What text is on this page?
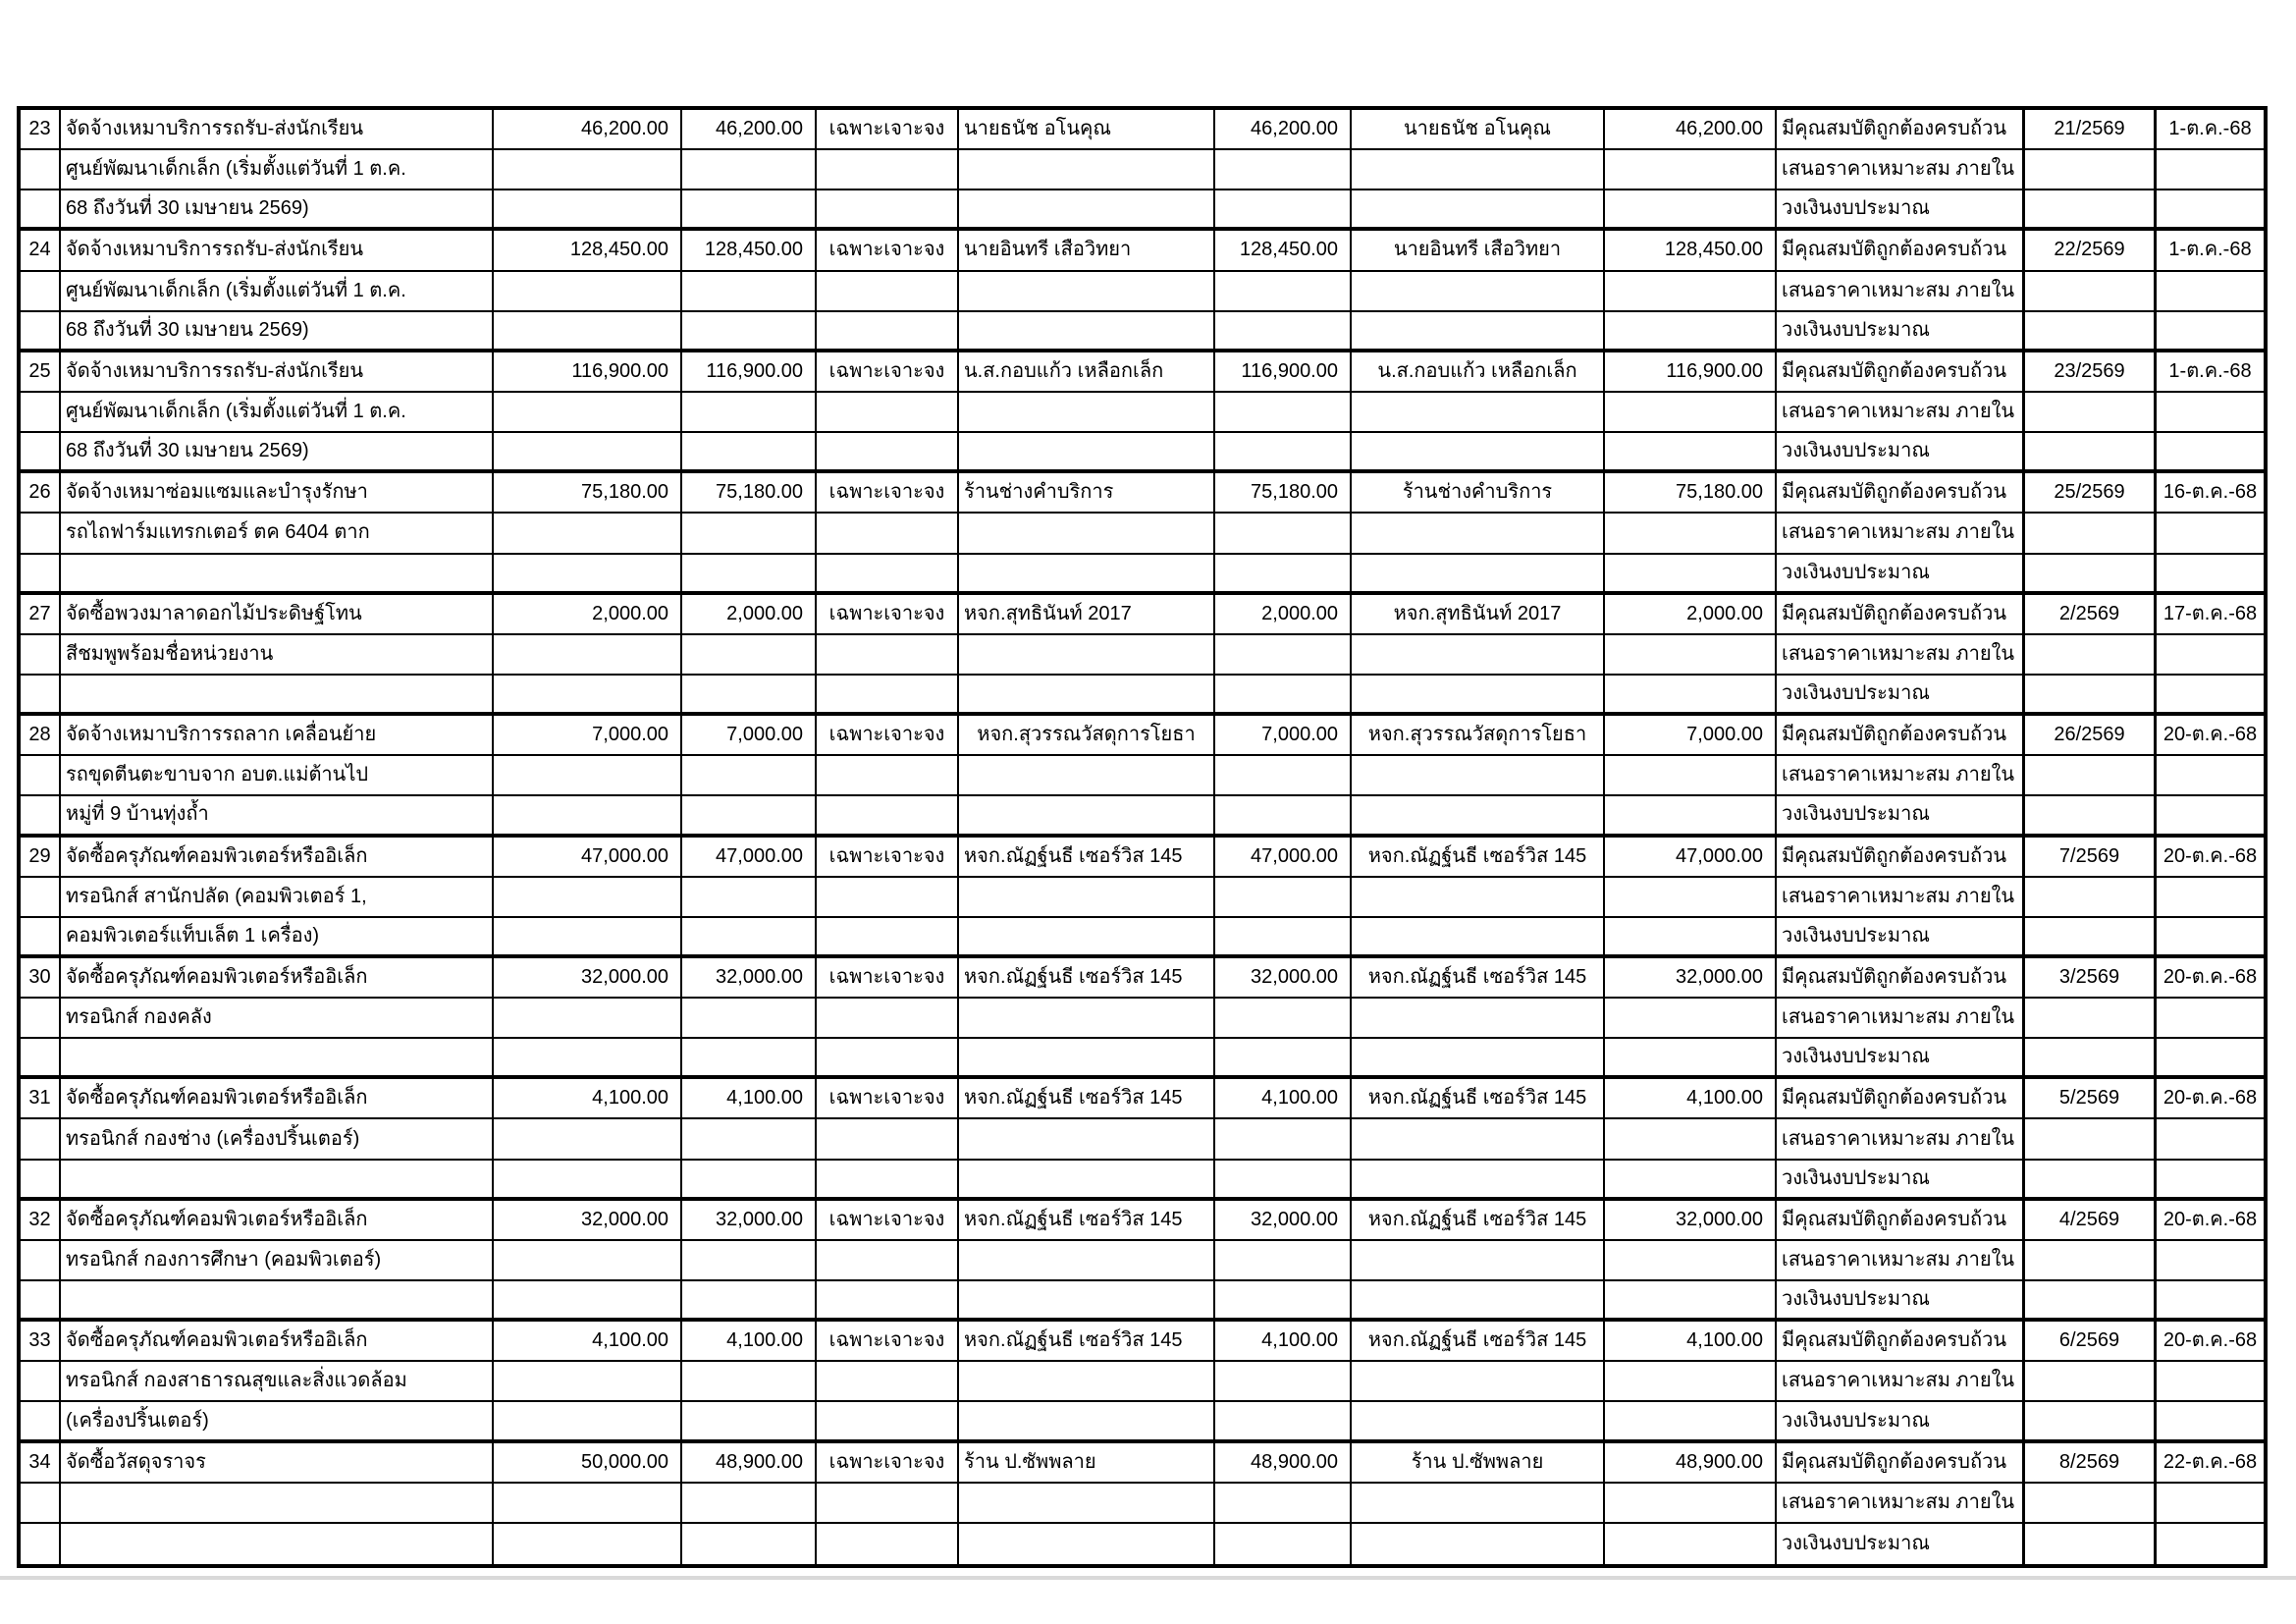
23 จัดจ้างเหมาบริการรถรับ-ส่งนักเรียน	46,200.00	46,200.00	เฉพาะเจาะจง นายธนัช อโนคุณ	46,200.00	นายธนัช อโนคุณ	46,200.00 มีคุณสมบัติถูกต้องครบถ้วน	21/2569	1-ต.ค.-68
ศูนย์พัฒนาเด็กเล็ก (เริ่มตั้งแต่วันที่ 1 ต.ค.	เสนอราคาเหมาะสม ภายใน
68 ถึงวันที่ 30 เมษายน 2569)	วงเงินงบประมาณ
24 จัดจ้างเหมาบริการรถรับ-ส่งนักเรียน	128,450.00	128,450.00	เฉพาะเจาะจง นายอินทรี เสือวิทยา	128,450.00	นายอินทรี เสือวิทยา	128,450.00 มีคุณสมบัติถูกต้องครบถ้วน	22/2569	1-ต.ค.-68
ศูนย์พัฒนาเด็กเล็ก (เริ่มตั้งแต่วันที่ 1 ต.ค.	เสนอราคาเหมาะสม ภายใน
68 ถึงวันที่ 30 เมษายน 2569)	วงเงินงบประมาณ
25 จัดจ้างเหมาบริการรถรับ-ส่งนักเรียน	116,900.00	116,900.00	เฉพาะเจาะจง น.ส.กอบแก้ว เหลือกเล็ก	116,900.00	น.ส.กอบแก้ว เหลือกเล็ก	116,900.00 มีคุณสมบัติถูกต้องครบถ้วน	23/2569	1-ต.ค.-68
ศูนย์พัฒนาเด็กเล็ก (เริ่มตั้งแต่วันที่ 1 ต.ค.	เสนอราคาเหมาะสม ภายใน
68 ถึงวันที่ 30 เมษายน 2569)	วงเงินงบประมาณ
26 จัดจ้างเหมาซ่อมแซมและบำรุงรักษา	75,180.00	75,180.00	เฉพาะเจาะจง ร้านช่างคำบริการ	75,180.00	ร้านช่างคำบริการ	75,180.00 มีคุณสมบัติถูกต้องครบถ้วน	25/2569	16-ต.ค.-68
รถไถฟาร์มแทรกเตอร์ ตค 6404 ตาก	เสนอราคาเหมาะสม ภายใน
วงเงินงบประมาณ
27 จัดซื้อพวงมาลาดอกไม้ประดิษฐ์โทน	2,000.00	2,000.00	เฉพาะเจาะจง หจก.สุทธินันท์ 2017	2,000.00	หจก.สุทธินันท์ 2017	2,000.00 มีคุณสมบัติถูกต้องครบถ้วน	2/2569	17-ต.ค.-68
สีชมพูพร้อมชื่อหน่วยงาน	เสนอราคาเหมาะสม ภายใน
วงเงินงบประมาณ
28 จัดจ้างเหมาบริการรถลาก เคลื่อนย้าย	7,000.00	7,000.00	เฉพาะเจาะจง	หจก.สุวรรณวัสดุการโยธา	7,000.00	หจก.สุวรรณวัสดุการโยธา	7,000.00 มีคุณสมบัติถูกต้องครบถ้วน	26/2569	20-ต.ค.-68
รถขุดตีนตะขาบจาก อบต.แม่ต้านไป	เสนอราคาเหมาะสม ภายใน
หมู่ที่ 9 บ้านทุ่งถ้ำ	วงเงินงบประมาณ
29 จัดซื้อครุภัณฑ์คอมพิวเตอร์หรืออิเล็ก	47,000.00	47,000.00	เฉพาะเจาะจง หจก.ณัฏฐ์นธี เซอร์วิส 145	47,000.00	หจก.ณัฏฐ์นธี เซอร์วิส 145	47,000.00 มีคุณสมบัติถูกต้องครบถ้วน	7/2569	20-ต.ค.-68
ทรอนิกส์ สานักปลัด (คอมพิวเตอร์ 1,	เสนอราคาเหมาะสม ภายใน
คอมพิวเตอร์แท็บเล็ต 1 เครื่อง)	วงเงินงบประมาณ
30 จัดซื้อครุภัณฑ์คอมพิวเตอร์หรืออิเล็ก	32,000.00	32,000.00	เฉพาะเจาะจง หจก.ณัฏฐ์นธี เซอร์วิส 145	32,000.00	หจก.ณัฏฐ์นธี เซอร์วิส 145	32,000.00 มีคุณสมบัติถูกต้องครบถ้วน	3/2569	20-ต.ค.-68
ทรอนิกส์ กองคลัง	เสนอราคาเหมาะสม ภายใน
วงเงินงบประมาณ
31 จัดซื้อครุภัณฑ์คอมพิวเตอร์หรืออิเล็ก	4,100.00	4,100.00	เฉพาะเจาะจง หจก.ณัฏฐ์นธี เซอร์วิส 145	4,100.00	หจก.ณัฏฐ์นธี เซอร์วิส 145	4,100.00 มีคุณสมบัติถูกต้องครบถ้วน	5/2569	20-ต.ค.-68
ทรอนิกส์ กองช่าง (เครื่องปริ้นเตอร์)	เสนอราคาเหมาะสม ภายใน
วงเงินงบประมาณ
32 จัดซื้อครุภัณฑ์คอมพิวเตอร์หรืออิเล็ก	32,000.00	32,000.00	เฉพาะเจาะจง หจก.ณัฏฐ์นธี เซอร์วิส 145	32,000.00	หจก.ณัฏฐ์นธี เซอร์วิส 145	32,000.00 มีคุณสมบัติถูกต้องครบถ้วน	4/2569	20-ต.ค.-68
ทรอนิกส์ กองการศึกษา (คอมพิวเตอร์)	เสนอราคาเหมาะสม ภายใน
วงเงินงบประมาณ
33 จัดซื้อครุภัณฑ์คอมพิวเตอร์หรืออิเล็ก	4,100.00	4,100.00	เฉพาะเจาะจง หจก.ณัฏฐ์นธี เซอร์วิส 145	4,100.00	หจก.ณัฏฐ์นธี เซอร์วิส 145	4,100.00 มีคุณสมบัติถูกต้องครบถ้วน	6/2569	20-ต.ค.-68
ทรอนิกส์ กองสาธารณสุขและสิ่งแวดล้อม	เสนอราคาเหมาะสม ภายใน
(เครื่องปริ้นเตอร์)	วงเงินงบประมาณ
34 จัดซื้อวัสดุจราจร	50,000.00	48,900.00	เฉพาะเจาะจง ร้าน ป.ซัพพลาย	48,900.00	ร้าน ป.ซัพพลาย	48,900.00 มีคุณสมบัติถูกต้องครบถ้วน	8/2569	22-ต.ค.-68
เสนอราคาเหมาะสม ภายใน
วงเงินงบประมาณ
